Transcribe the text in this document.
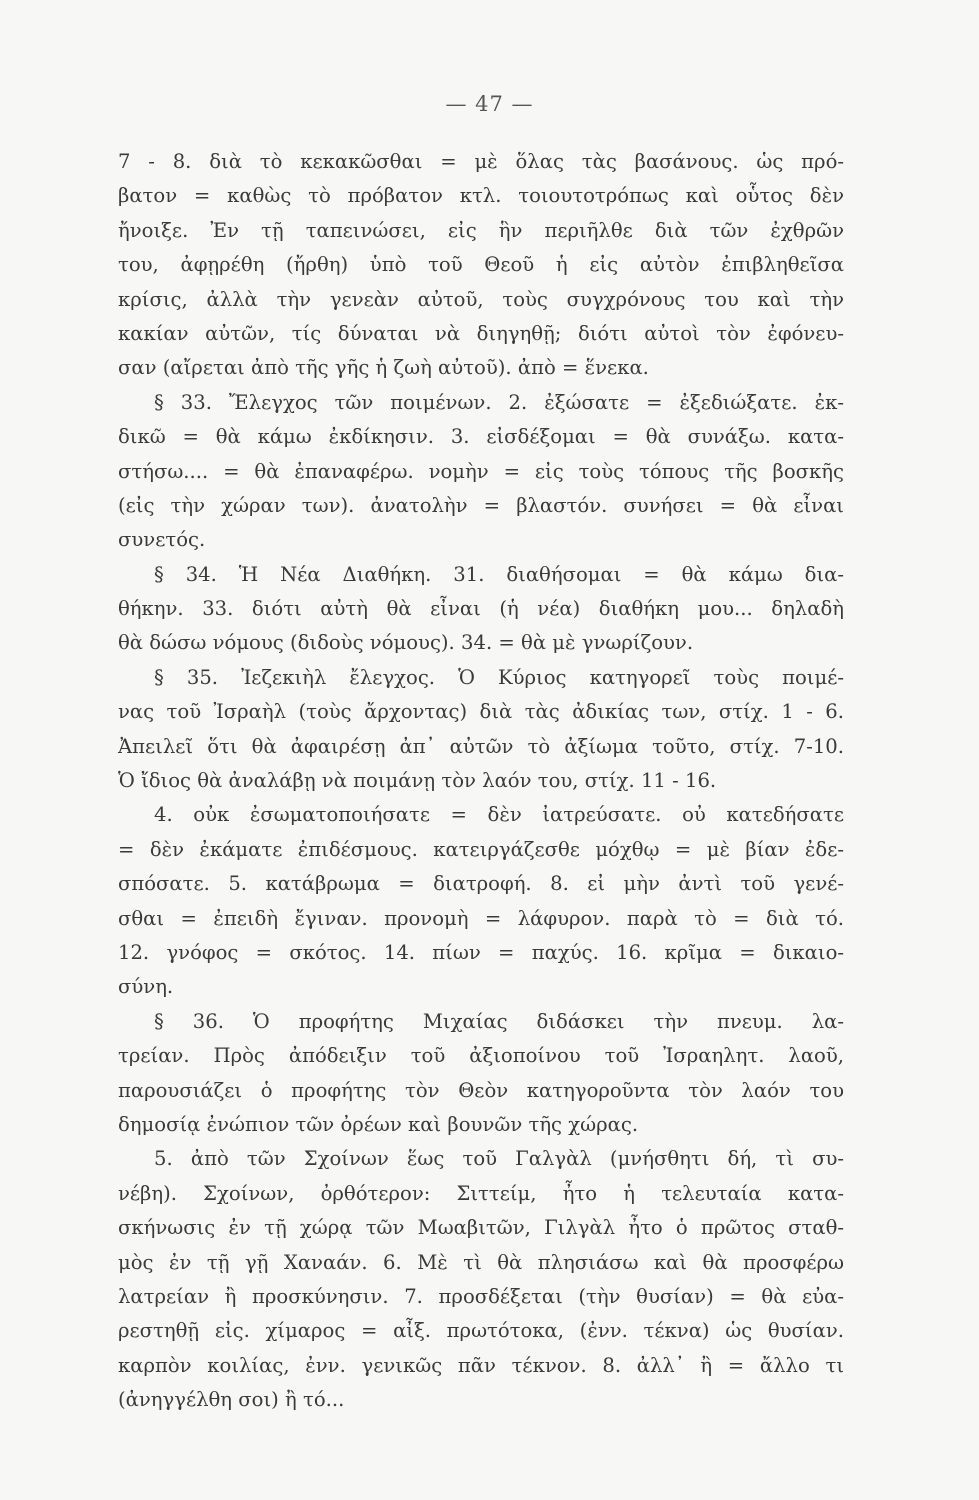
— 47 —
7 - 8. διὰ τὸ κεκακῶσθαι = μὲ ὅλας τὰς βασάνους. ὡς πρό-
βατον = καθὼς τὸ πρόβατον κτλ. τοιουτοτρόπως καὶ οὗτος δὲν
ἤνοιξε. Ἐν τῇ ταπεινώσει, εἰς ἣν περιῆλθε διὰ τῶν ἐχθρῶν
του, ἀφῃρέθη (ἤρθη) ὑπὸ τοῦ Θεοῦ ἡ εἰς αὐτὸν ἐπιβληθεῖσα
κρίσις, ἀλλὰ τὴν γενεὰν αὐτοῦ, τοὺς συγχρόνους του καὶ τὴν
κακίαν αὐτῶν, τίς δύναται νὰ διηγηθῇ; διότι αὐτοὶ τὸν ἐφόνευ-
σαν (αἴρεται ἀπὸ τῆς γῆς ἡ ζωὴ αὐτοῦ). ἀπὸ = ἕνεκα.
§ 33. Ἔλεγχος τῶν ποιμένων. 2. ἐξώσατε = ἐξεδιώξατε. ἐκ-
δικῶ = θὰ κάμω ἐκδίκησιν. 3. εἰσδέξομαι = θὰ συνάξω. κατα-
στήσω.... = θὰ ἐπαναφέρω. νομὴν = εἰς τοὺς τόπους τῆς βοσκῆς
(εἰς τὴν χώραν των). ἀνατολὴν = βλαστόν. συνήσει = θὰ εἶναι
συνετός.
§ 34. Ἡ Νέα Διαθήκη. 31. διαθήσομαι = θὰ κάμω δια-
θήκην. 33. διότι αὐτὴ θὰ εἶναι (ἡ νέα) διαθήκη μου... δηλαδὴ
θὰ δώσω νόμους (διδοὺς νόμους). 34. = θὰ μὲ γνωρίζουν.
§ 35. Ἰεζεκιὴλ ἔλεγχος. Ὁ Κύριος κατηγορεῖ τοὺς ποιμέ-
νας τοῦ Ἰσραὴλ (τοὺς ἄρχοντας) διὰ τὰς ἀδικίας των, στίχ. 1 - 6.
Ἀπειλεῖ ὅτι θὰ ἀφαιρέσῃ ἀπ᾿ αὐτῶν τὸ ἀξίωμα τοῦτο, στίχ. 7-10.
Ὁ ἴδιος θὰ ἀναλάβῃ νὰ ποιμάνῃ τὸν λαόν του, στίχ. 11 - 16.
4. οὐκ ἐσωματοποιήσατε = δὲν ἰατρεύσατε. οὐ κατεδήσατε
= δὲν ἐκάματε ἐπιδέσμους. κατειργάζεσθε μόχθῳ = μὲ βίαν ἐδε-
σπόσατε. 5. κατάβρωμα = διατροφή. 8. εἰ μὴν ἀντὶ τοῦ γενέ-
σθαι = ἐπειδὴ ἔγιναν. προνομὴ = λάφυρον. παρὰ τὸ = διὰ τό.
12. γνόφος = σκότος. 14. πίων = παχύς. 16. κρῖμα = δικαιο-
σύνη.
§ 36. Ὁ προφήτης Μιχαίας διδάσκει τὴν πνευμ. λα-
τρείαν. Πρὸς ἀπόδειξιν τοῦ ἀξιοποίνου τοῦ Ἰσραηλητ. λαοῦ,
παρουσιάζει ὁ προφήτης τὸν Θεὸν κατηγοροῦντα τὸν λαόν του
δημοσίᾳ ἐνώπιον τῶν ὀρέων καὶ βουνῶν τῆς χώρας.
5. ἀπὸ τῶν Σχοίνων ἕως τοῦ Γαλγὰλ (μνήσθητι δή, τὶ συ-
νέβη). Σχοίνων, ὀρθότερον: Σιττείμ, ἦτο ἡ τελευταία κατα-
σκήνωσις ἐν τῇ χώρᾳ τῶν Μωαβιτῶν, Γιλγὰλ ἦτο ὁ πρῶτος σταθ-
μὸς ἐν τῇ γῇ Χαναάν. 6. Μὲ τὶ θὰ πλησιάσω καὶ θὰ προσφέρω
λατρείαν ἢ προσκύνησιν. 7. προσδέξεται (τὴν θυσίαν) = θὰ εὐα-
ρεστηθῇ εἰς. χίμαρος = αἶξ. πρωτότοκα, (ἐνν. τέκνα) ὡς θυσίαν.
καρπὸν κοιλίας, ἐνν. γενικῶς πᾶν τέκνον. 8. ἀλλ᾿ ἢ = ἄλλο τι
(ἀνηγγέλθη σοι) ἢ τό...
